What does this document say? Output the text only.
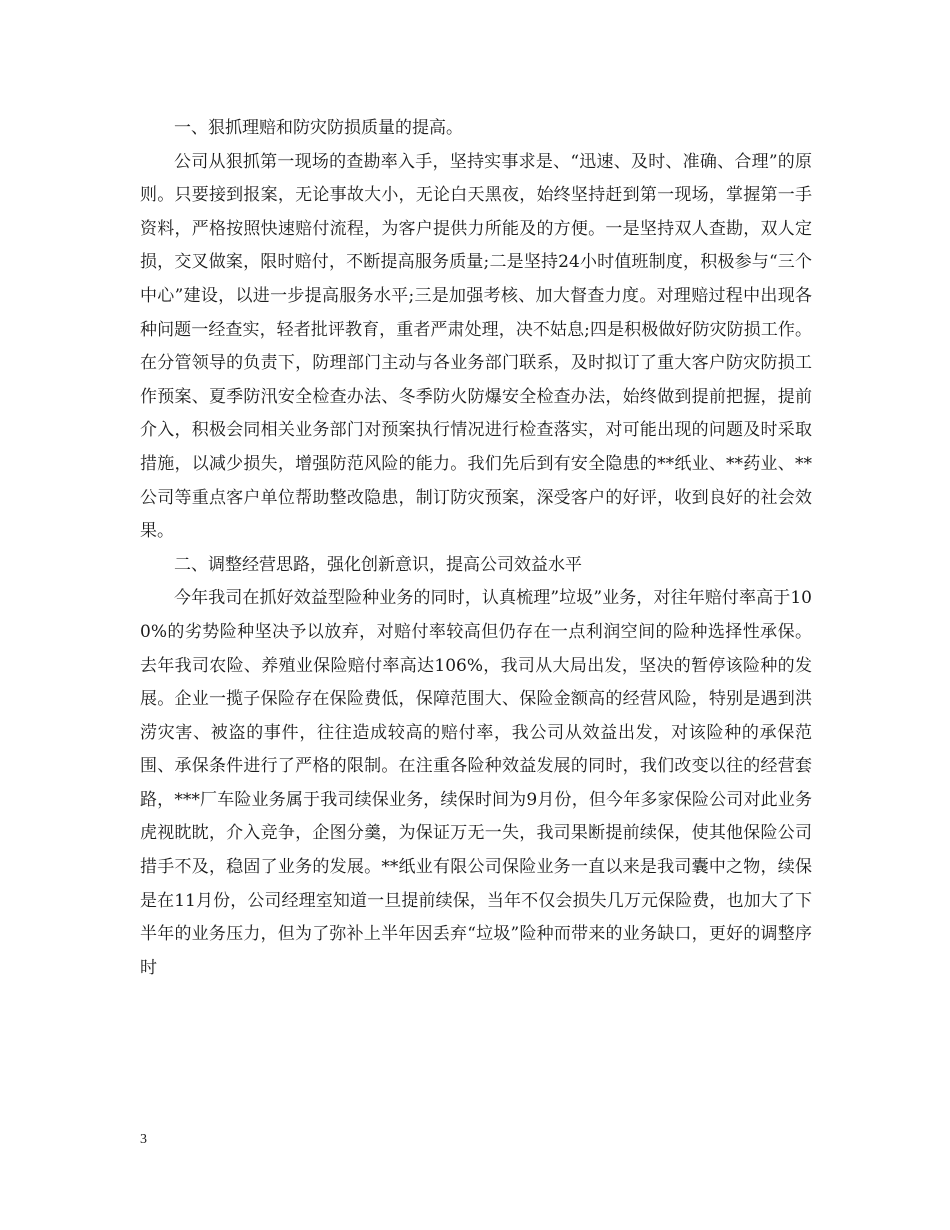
一、狠抓理赔和防灾防损质量的提高。

公司从狠抓第一现场的查勘率入手，坚持实事求是、“迅速、及时、准确、合理”的原则。只要接到报案，无论事故大小，无论白天黑夜，始终坚持赶到第一现场，掌握第一手资料，严格按照快速赔付流程，为客户提供力所能及的方便。一是坚持双人查勘，双人定损，交叉做案，限时赔付，不断提高服务质量;二是坚持24小时值班制度，积极参与“三个中心”建设，以进一步提高服务水平;三是加强考核、加大督查力度。对理赔过程中出现各种问题一经查实，轻者批评教育，重者严肃处理，决不姑息;四是积极做好防灾防损工作。在分管领导的负责下，防理部门主动与各业务部门联系，及时拟订了重大客户防灾防损工作预案、夏季防汛安全检查办法、冬季防火防爆安全检查办法，始终做到提前把握，提前介入，积极会同相关业务部门对预案执行情况进行检查落实，对可能出现的问题及时采取措施，以减少损失，增强防范风险的能力。我们先后到有安全隐患的**纸业、**药业、**公司等重点客户单位帮助整改隐患，制订防灾预案，深受客户的好评，收到良好的社会效果。

二、调整经营思路，强化创新意识，提高公司效益水平

今年我司在抓好效益型险种业务的同时，认真梳理”垃圾”业务，对往年赔付率高于100%的劣势险种坚决予以放弃，对赔付率较高但仍存在一点利润空间的险种选择性承保。去年我司农险、养殖业保险赔付率高达106%，我司从大局出发，坚决的暂停该险种的发展。企业一揽子保险存在保险费低，保障范围大、保险金额高的经营风险，特别是遇到洪涝灾害、被盗的事件，往往造成较高的赔付率，我公司从效益出发，对该险种的承保范围、承保条件进行了严格的限制。在注重各险种效益发展的同时，我们改变以往的经营套路，***厂车险业务属于我司续保业务，续保时间为9月份，但今年多家保险公司对此业务虎视眈眈，介入竞争，企图分羹，为保证万无一失，我司果断提前续保，使其他保险公司措手不及，稳固了业务的发展。**纸业有限公司保险业务一直以来是我司囊中之物，续保是在11月份，公司经理室知道一旦提前续保，当年不仅会损失几万元保险费，也加大了下半年的业务压力，但为了弥补上半年因丢弃“垃圾”险种而带来的业务缺口，更好的调整序时

3
